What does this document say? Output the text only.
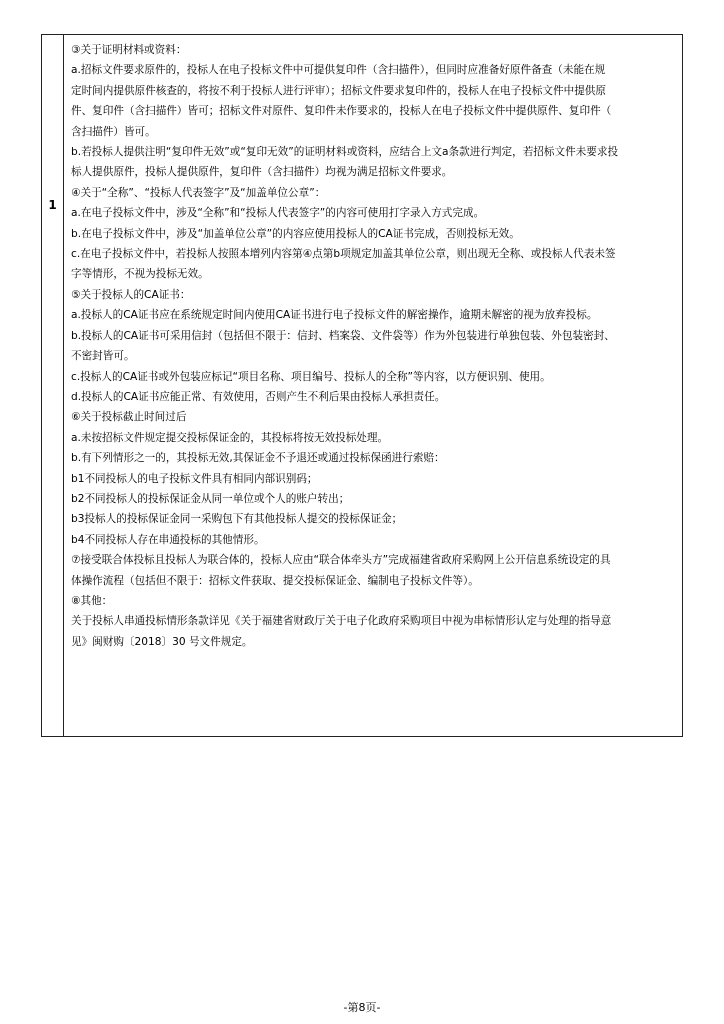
1
③关于证明材料或资料：
a.招标文件要求原件的，投标人在电子投标文件中可提供复印件（含扫描件），但同时应准备好原件备查（未能在规
定时间内提供原件核查的，将按不利于投标人进行评审）；招标文件要求复印件的，投标人在电子投标文件中提供原
件、复印件（含扫描件）皆可；招标文件对原件、复印件未作要求的，投标人在电子投标文件中提供原件、复印件（
含扫描件）皆可。
b.若投标人提供注明“复印件无效”或“复印无效”的证明材料或资料，应结合上文a条款进行判定，若招标文件未要求投
标人提供原件，投标人提供原件，复印件（含扫描件）均视为满足招标文件要求。
④关于“全称”、“投标人代表签字”及“加盖单位公章”：
a.在电子投标文件中，涉及“全称”和“投标人代表签字”的内容可使用打字录入方式完成。
b.在电子投标文件中，涉及“加盖单位公章”的内容应使用投标人的CA证书完成，否则投标无效。
c.在电子投标文件中，若投标人按照本增列内容第④点第b项规定加盖其单位公章，则出现无全称、或投标人代表未签
字等情形，不视为投标无效。
⑤关于投标人的CA证书：
a.投标人的CA证书应在系统规定时间内使用CA证书进行电子投标文件的解密操作，逾期未解密的视为放弃投标。
b.投标人的CA证书可采用信封（包括但不限于：信封、档案袋、文件袋等）作为外包装进行单独包装、外包装密封、
不密封皆可。
c.投标人的CA证书或外包装应标记“项目名称、项目编号、投标人的全称”等内容，以方便识别、使用。
d.投标人的CA证书应能正常、有效使用，否则产生不利后果由投标人承担责任。
⑥关于投标截止时间过后
a.未按招标文件规定提交投标保证金的，其投标将按无效投标处理。
b.有下列情形之一的，其投标无效,其保证金不予退还或通过投标保函进行索赔：
b1不同投标人的电子投标文件具有相同内部识别码；
b2不同投标人的投标保证金从同一单位或个人的账户转出；
b3投标人的投标保证金同一采购包下有其他投标人提交的投标保证金；
b4不同投标人存在串通投标的其他情形。
⑦接受联合体投标且投标人为联合体的，投标人应由“联合体牵头方”完成福建省政府采购网上公开信息系统设定的具
体操作流程（包括但不限于：招标文件获取、提交投标保证金、编制电子投标文件等）。
⑧其他：
关于投标人串通投标情形条款详见《关于福建省财政厅关于电子化政府采购项目中视为串标情形认定与处理的指导意
见》闽财购〔2018〕30 号文件规定。
-第8页-
